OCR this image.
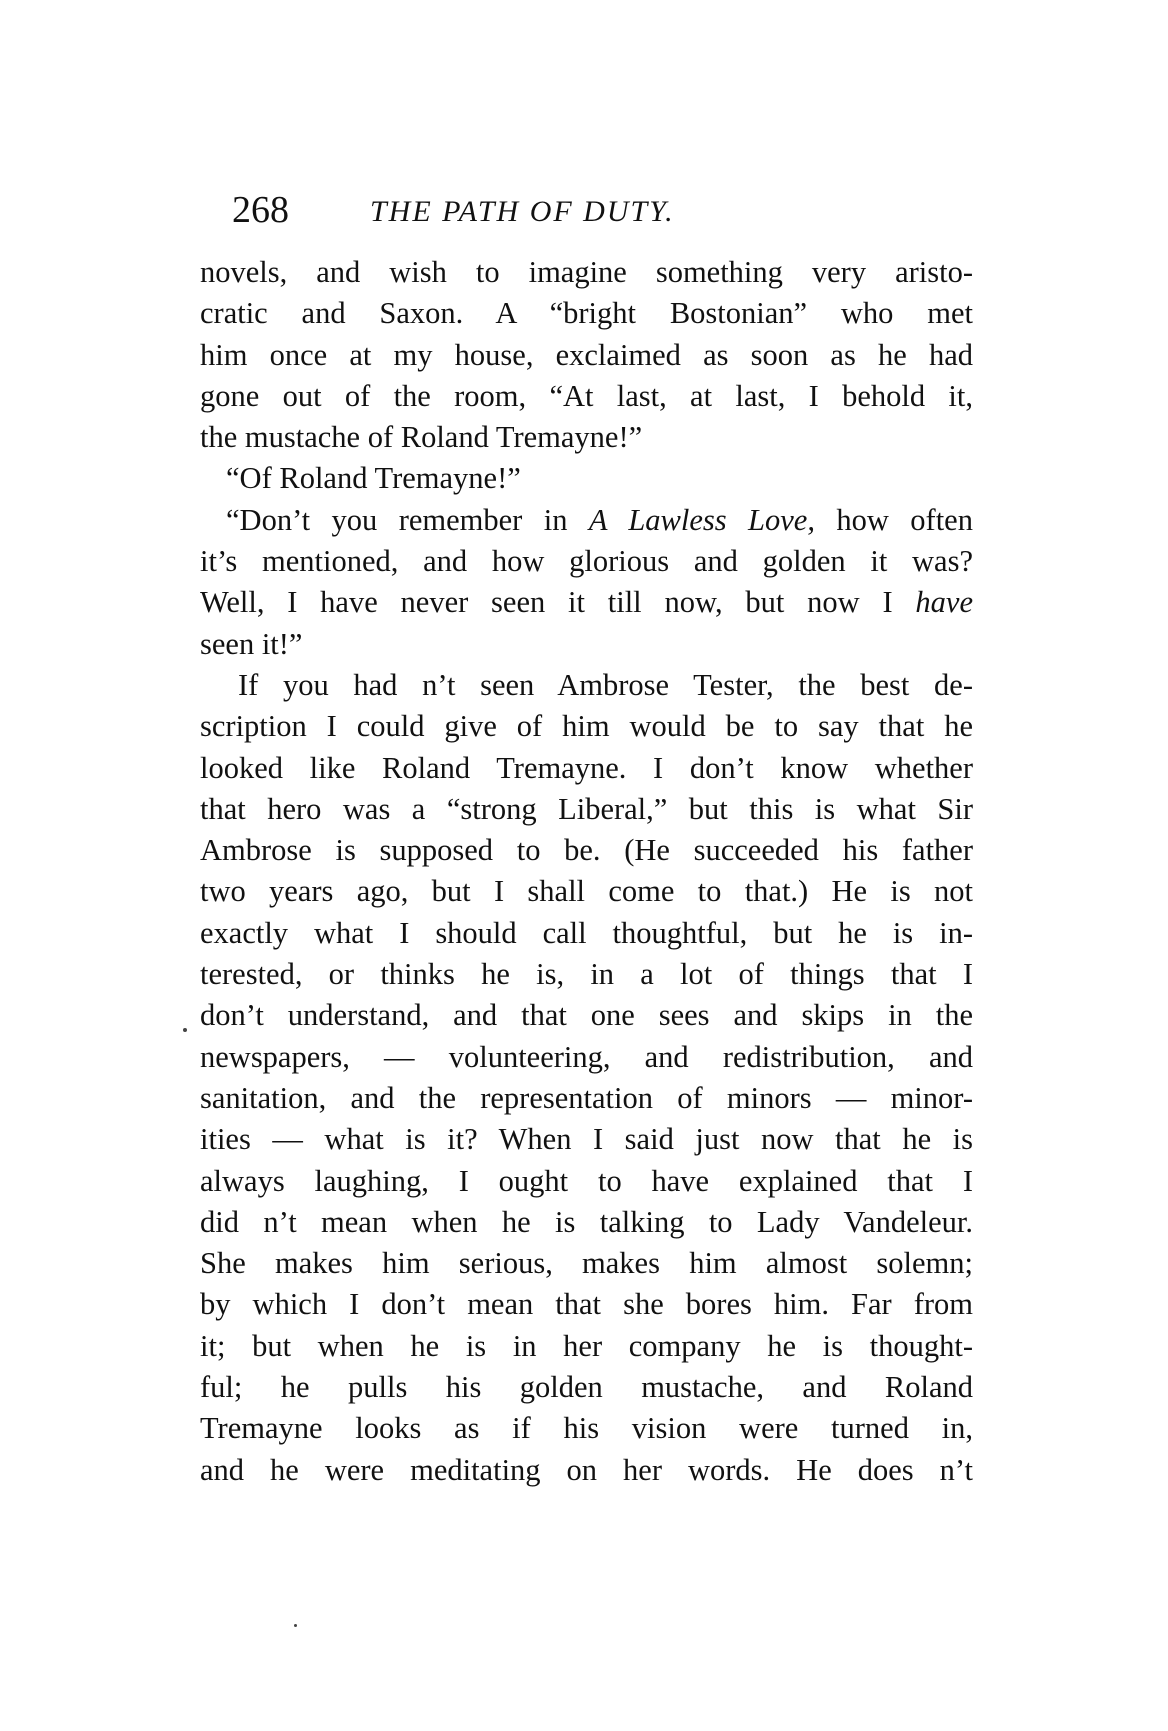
268	THE PATH OF DUTY.
novels, and wish to imagine something very aristo-
cratic and Saxon. A “bright Bostonian” who met
him once at my house, exclaimed as soon as he had
gone out of the room, “At last, at last, I behold it,
the mustache of Roland Tremayne!”
“Of Roland Tremayne!”
“Don’t you remember in A Lawless Love, how often
it’s mentioned, and how glorious and golden it was?
Well, I have never seen it till now, but now I have
seen it!”
If you had n’t seen Ambrose Tester, the best de-
scription I could give of him would be to say that he
looked like Roland Tremayne. I don’t know whether
that hero was a “strong Liberal,” but this is what Sir
Ambrose is supposed to be. (He succeeded his father
two years ago, but I shall come to that.) He is not
exactly what I should call thoughtful, but he is in-
terested, or thinks he is, in a lot of things that I
don’t understand, and that one sees and skips in the
newspapers, — volunteering, and redistribution, and
sanitation, and the representation of minors — minor-
ities — what is it? When I said just now that he is
always laughing, I ought to have explained that I
did n’t mean when he is talking to Lady Vandeleur.
She makes him serious, makes him almost solemn;
by which I don’t mean that she bores him. Far from
it; but when he is in her company he is thought-
ful; he pulls his golden mustache, and Roland
Tremayne looks as if his vision were turned in,
and he were meditating on her words. He does n’t
